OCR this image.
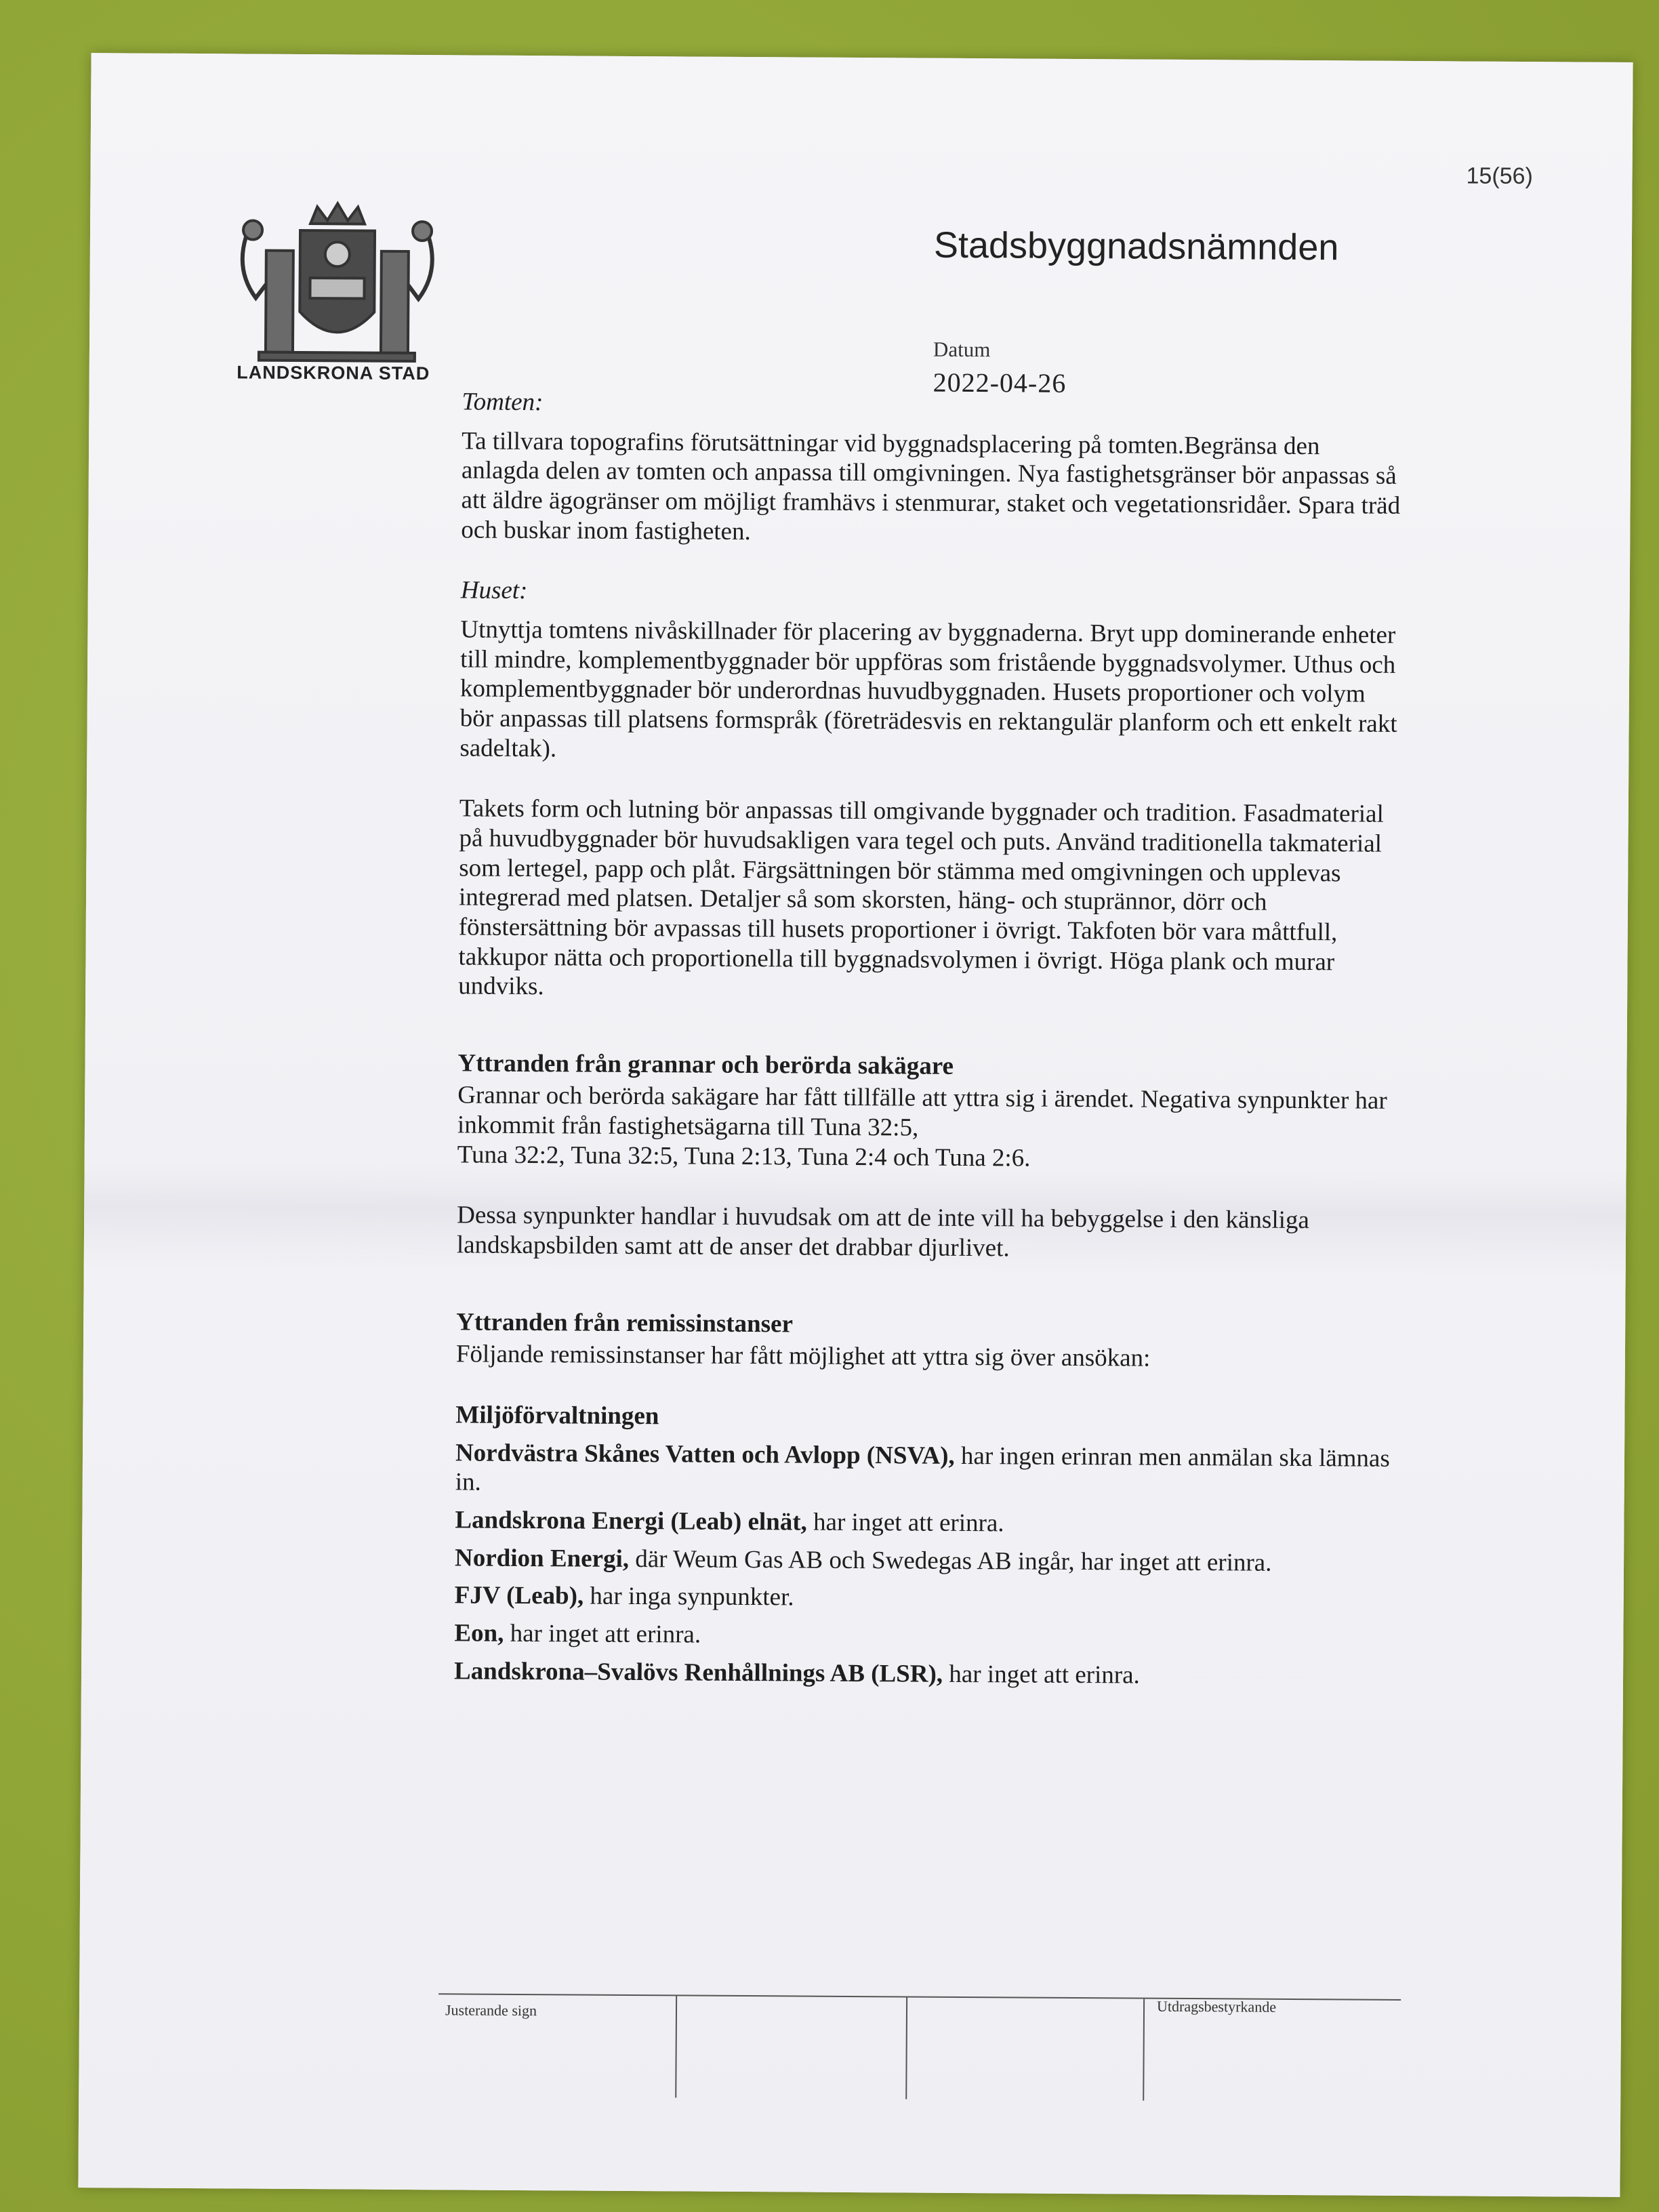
15(56)
LANDSKRONA STAD
Stadsbyggnadsnämnden
Datum
2022-04-26

Tomten:

Ta tillvara topografins förutsättningar vid byggnadsplacering på tomten.Begränsa den anlagda delen av tomten och anpassa till omgivningen. Nya fastighetsgränser bör anpassas så att äldre ägogränser om möjligt framhävs i stenmurar, staket och vegetationsridåer. Spara träd och buskar inom fastigheten.

Huset:

Utnyttja tomtens nivåskillnader för placering av byggnaderna. Bryt upp dominerande enheter till mindre, komplementbyggnader bör uppföras som fristående byggnadsvolymer. Uthus och komplementbyggnader bör underordnas huvudbyggnaden. Husets proportioner och volym bör anpassas till platsens formspråk (företrädesvis en rektangulär planform och ett enkelt rakt sadeltak).

Takets form och lutning bör anpassas till omgivande byggnader och tradition. Fasadmaterial på huvudbyggnader bör huvudsakligen vara tegel och puts. Använd traditionella takmaterial som lertegel, papp och plåt. Färgsättningen bör stämma med omgivningen och upplevas integrerad med platsen. Detaljer så som skorsten, häng- och stuprännor, dörr och fönstersättning bör avpassas till husets proportioner i övrigt. Takfoten bör vara måttfull, takkupor nätta och proportionella till byggnadsvolymen i övrigt. Höga plank och murar undviks.

Yttranden från grannar och berörda sakägare

Grannar och berörda sakägare har fått tillfälle att yttra sig i ärendet. Negativa synpunkter har inkommit från fastighetsägarna till Tuna 32:5,
Tuna 32:2, Tuna 32:5, Tuna 2:13, Tuna 2:4 och Tuna 2:6.

Dessa synpunkter handlar i huvudsak om att de inte vill ha bebyggelse i den känsliga landskapsbilden samt att de anser det drabbar djurlivet.

Yttranden från remissinstanser

Följande remissinstanser har fått möjlighet att yttra sig över ansökan:

Miljöförvaltningen

Nordvästra Skånes Vatten och Avlopp (NSVA), har ingen erinran men anmälan ska lämnas in.

Landskrona Energi (Leab) elnät, har inget att erinra.

Nordion Energi, där Weum Gas AB och Swedegas AB ingår, har inget att erinra.

FJV (Leab), har inga synpunkter.

Eon, har inget att erinra.

Landskrona–Svalövs Renhållnings AB (LSR), har inget att erinra.

Justerande sign	Utdragsbestyrkande
